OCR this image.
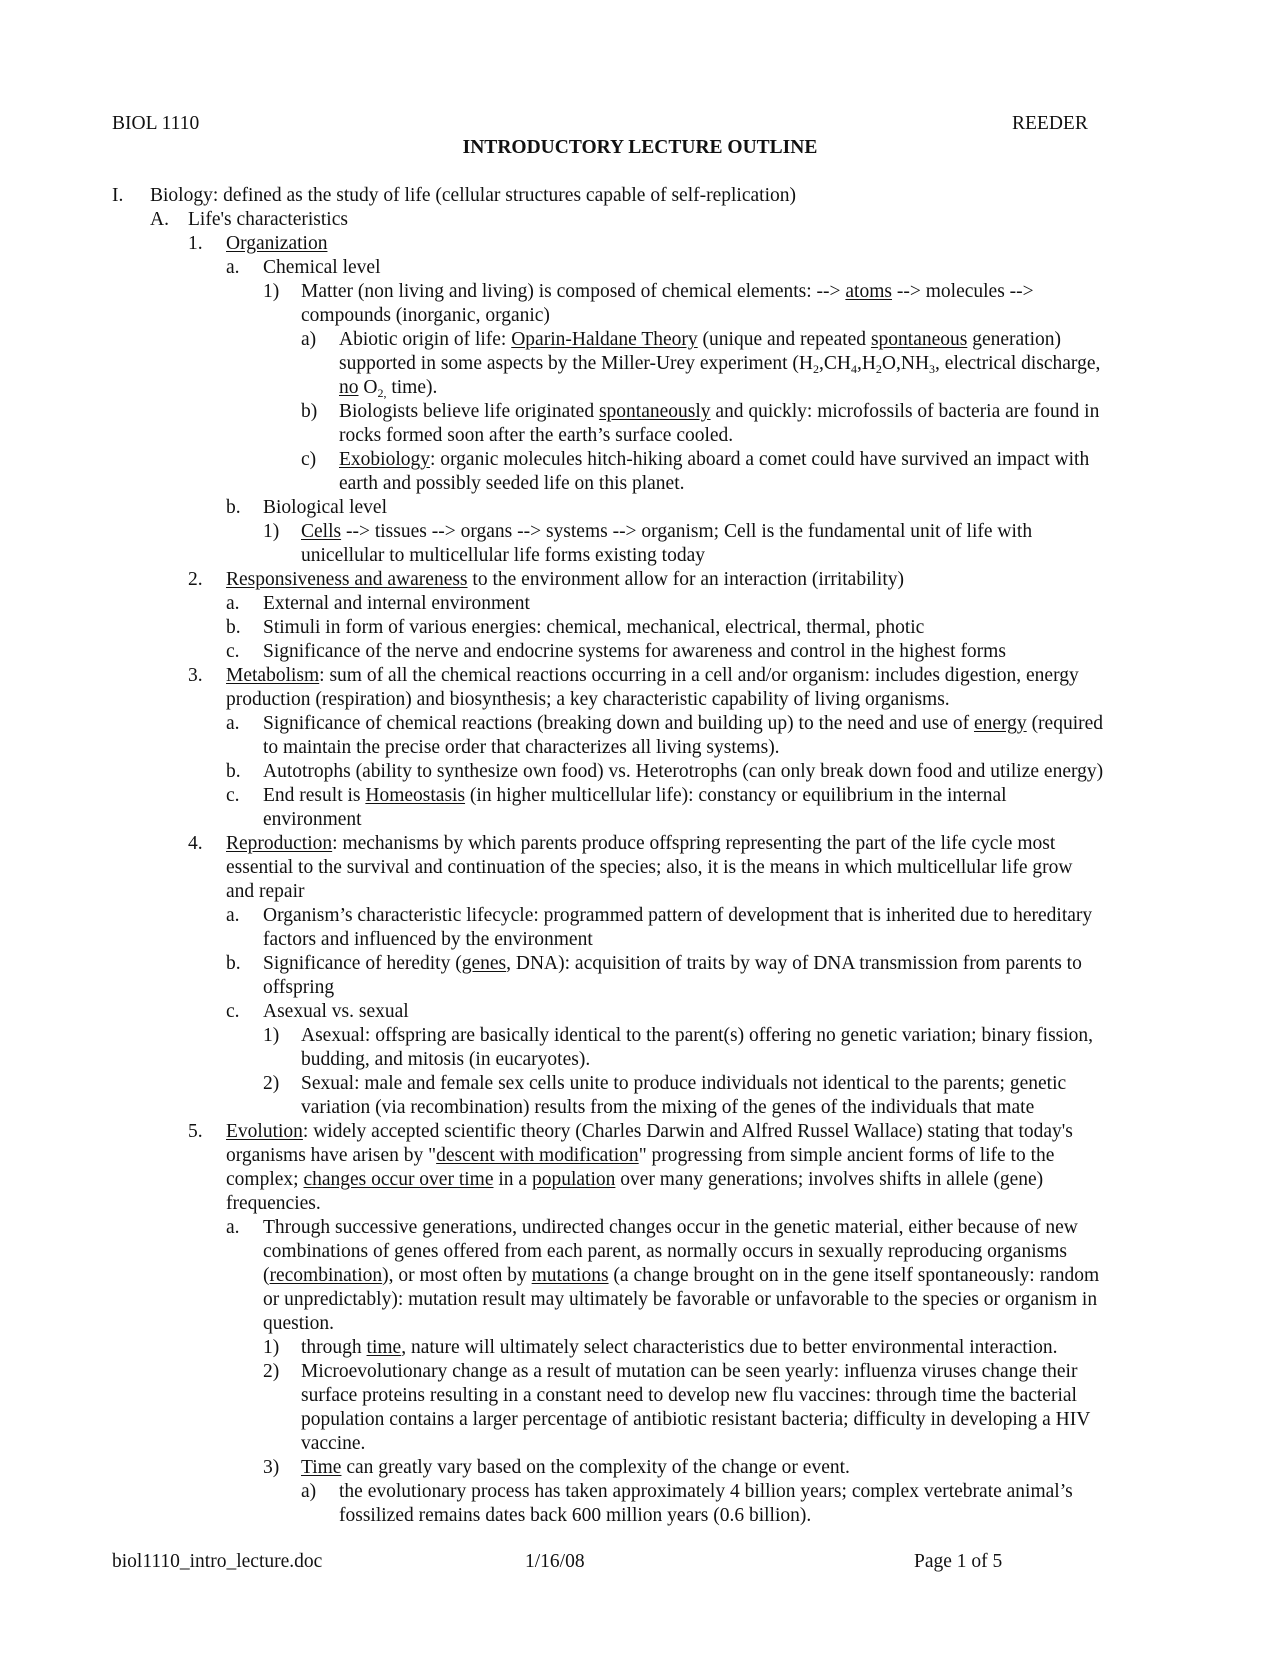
BIOL 1110	REEDER
INTRODUCTORY LECTURE OUTLINE
I. Biology: defined as the study of life (cellular structures capable of self-replication)
A. Life's characteristics
1. Organization
a. Chemical level
1) Matter (non living and living) is composed of chemical elements: --> atoms --> molecules -->
compounds (inorganic, organic)
a) Abiotic origin of life: Oparin-Haldane Theory (unique and repeated spontaneous generation)
supported in some aspects by the Miller-Urey experiment ($H_2,CH_4,H_2O,NH_3$, electrical discharge,
no $O_{2,}$ time).
b) Biologists believe life originated spontaneously and quickly: microfossils of bacteria are found in
rocks formed soon after the earth’s surface cooled.
c) Exobiology: organic molecules hitch-hiking aboard a comet could have survived an impact with
earth and possibly seeded life on this planet.
b. Biological level
1) Cells --> tissues --> organs --> systems --> organism; Cell is the fundamental unit of life with
unicellular to multicellular life forms existing today
2. Responsiveness and awareness to the environment allow for an interaction (irritability)
a. External and internal environment
b. Stimuli in form of various energies: chemical, mechanical, electrical, thermal, photic
c. Significance of the nerve and endocrine systems for awareness and control in the highest forms
3. Metabolism: sum of all the chemical reactions occurring in a cell and/or organism: includes digestion, energy
production (respiration) and biosynthesis; a key characteristic capability of living organisms.
a. Significance of chemical reactions (breaking down and building up) to the need and use of energy (required
to maintain the precise order that characterizes all living systems).
b. Autotrophs (ability to synthesize own food) vs. Heterotrophs (can only break down food and utilize energy)
c. End result is Homeostasis (in higher multicellular life): constancy or equilibrium in the internal
environment
4. Reproduction: mechanisms by which parents produce offspring representing the part of the life cycle most
essential to the survival and continuation of the species; also, it is the means in which multicellular life grow
and repair
a. Organism’s characteristic lifecycle: programmed pattern of development that is inherited due to hereditary
factors and influenced by the environment
b. Significance of heredity (genes, DNA): acquisition of traits by way of DNA transmission from parents to
offspring
c. Asexual vs. sexual
1) Asexual: offspring are basically identical to the parent(s) offering no genetic variation; binary fission,
budding, and mitosis (in eucaryotes).
2) Sexual: male and female sex cells unite to produce individuals not identical to the parents; genetic
variation (via recombination) results from the mixing of the genes of the individuals that mate
5. Evolution: widely accepted scientific theory (Charles Darwin and Alfred Russel Wallace) stating that today's
organisms have arisen by "descent with modification" progressing from simple ancient forms of life to the
complex; changes occur over time in a population over many generations; involves shifts in allele (gene)
frequencies.
a. Through successive generations, undirected changes occur in the genetic material, either because of new
combinations of genes offered from each parent, as normally occurs in sexually reproducing organisms
(recombination), or most often by mutations (a change brought on in the gene itself spontaneously: random
or unpredictably): mutation result may ultimately be favorable or unfavorable to the species or organism in
question.
1) through time, nature will ultimately select characteristics due to better environmental interaction.
2) Microevolutionary change as a result of mutation can be seen yearly: influenza viruses change their
surface proteins resulting in a constant need to develop new flu vaccines: through time the bacterial
population contains a larger percentage of antibiotic resistant bacteria; difficulty in developing a HIV
vaccine.
3) Time can greatly vary based on the complexity of the change or event.
a) the evolutionary process has taken approximately 4 billion years; complex vertebrate animal’s
fossilized remains dates back 600 million years (0.6 billion).
biol1110_intro_lecture.doc	1/16/08	Page 1 of 5
